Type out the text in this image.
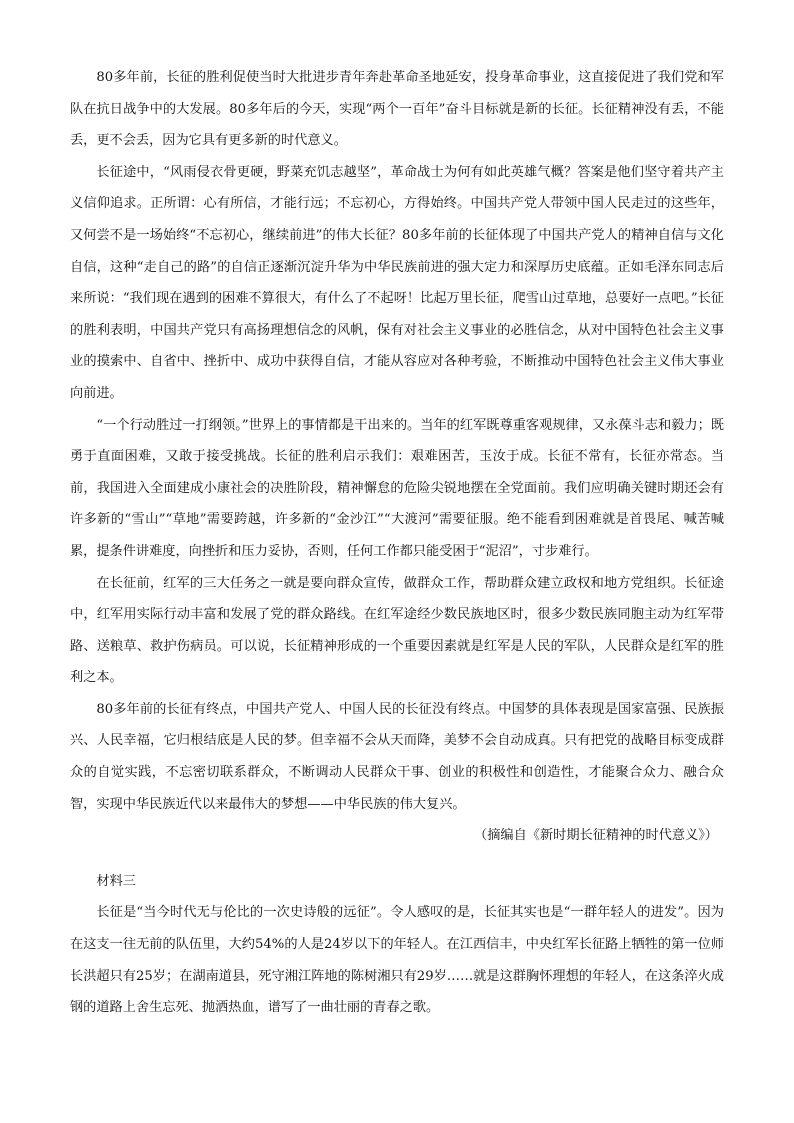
80多年前，长征的胜利促使当时大批进步青年奔赴革命圣地延安，投身革命事业，这直接促进了我们党和军队在抗日战争中的大发展。80多年后的今天，实现“两个一百年”奋斗目标就是新的长征。长征精神没有丢，不能丢，更不会丢，因为它具有更多新的时代意义。

长征途中，“风雨侵衣骨更硬，野菜充饥志越坚”，革命战士为何有如此英雄气概？答案是他们坚守着共产主义信仰追求。正所谓：心有所信，才能行远；不忘初心，方得始终。中国共产党人带领中国人民走过的这些年，又何尝不是一场始终“不忘初心，继续前进”的伟大长征？80多年前的长征体现了中国共产党人的精神自信与文化自信，这种“走自己的路”的自信正逐渐沉淀升华为中华民族前进的强大定力和深厚历史底蕴。正如毛泽东同志后来所说：“我们现在遇到的困难不算很大，有什么了不起呀！比起万里长征，爬雪山过草地，总要好一点吧。”长征的胜利表明，中国共产党只有高扬理想信念的风帆，保有对社会主义事业的必胜信念，从对中国特色社会主义事业的摸索中、自省中、挫折中、成功中获得自信，才能从容应对各种考验，不断推动中国特色社会主义伟大事业向前进。

“一个行动胜过一打纲领。”世界上的事情都是干出来的。当年的红军既尊重客观规律，又永葆斗志和毅力；既勇于直面困难，又敢于接受挑战。长征的胜利启示我们：艰难困苦，玉汝于成。长征不常有，长征亦常态。当前，我国进入全面建成小康社会的决胜阶段，精神懈怠的危险尖锐地摆在全党面前。我们应明确关键时期还会有许多新的“雪山”“草地”需要跨越，许多新的“金沙江”“大渡河”需要征服。绝不能看到困难就是首畏尾、喊苦喊累，提条件讲难度，向挫折和压力妥协，否则，任何工作都只能受困于“泥沼”，寸步难行。

在长征前，红军的三大任务之一就是要向群众宣传，做群众工作，帮助群众建立政权和地方党组织。长征途中，红军用实际行动丰富和发展了党的群众路线。在红军途经少数民族地区时，很多少数民族同胞主动为红军带路、送粮草、救护伤病员。可以说，长征精神形成的一个重要因素就是红军是人民的军队，人民群众是红军的胜利之本。

80多年前的长征有终点，中国共产党人、中国人民的长征没有终点。中国梦的具体表现是国家富强、民族振兴、人民幸福，它归根结底是人民的梦。但幸福不会从天而降，美梦不会自动成真。只有把党的战略目标变成群众的自觉实践，不忘密切联系群众，不断调动人民群众干事、创业的积极性和创造性，才能聚合众力、融合众智，实现中华民族近代以来最伟大的梦想——中华民族的伟大复兴。

（摘编自《新时期长征精神的时代意义》）

材料三

长征是“当今时代无与伦比的一次史诗般的远征”。令人感叹的是，长征其实也是“一群年轻人的进发”。因为在这支一往无前的队伍里，大约54%的人是24岁以下的年轻人。在江西信丰，中央红军长征路上牺牲的第一位师长洪超只有25岁；在湖南道县，死守湘江阵地的陈树湘只有29岁……就是这群胸怀理想的年轻人，在这条淬火成钢的道路上舍生忘死、抛洒热血，谱写了一曲壮丽的青春之歌。
